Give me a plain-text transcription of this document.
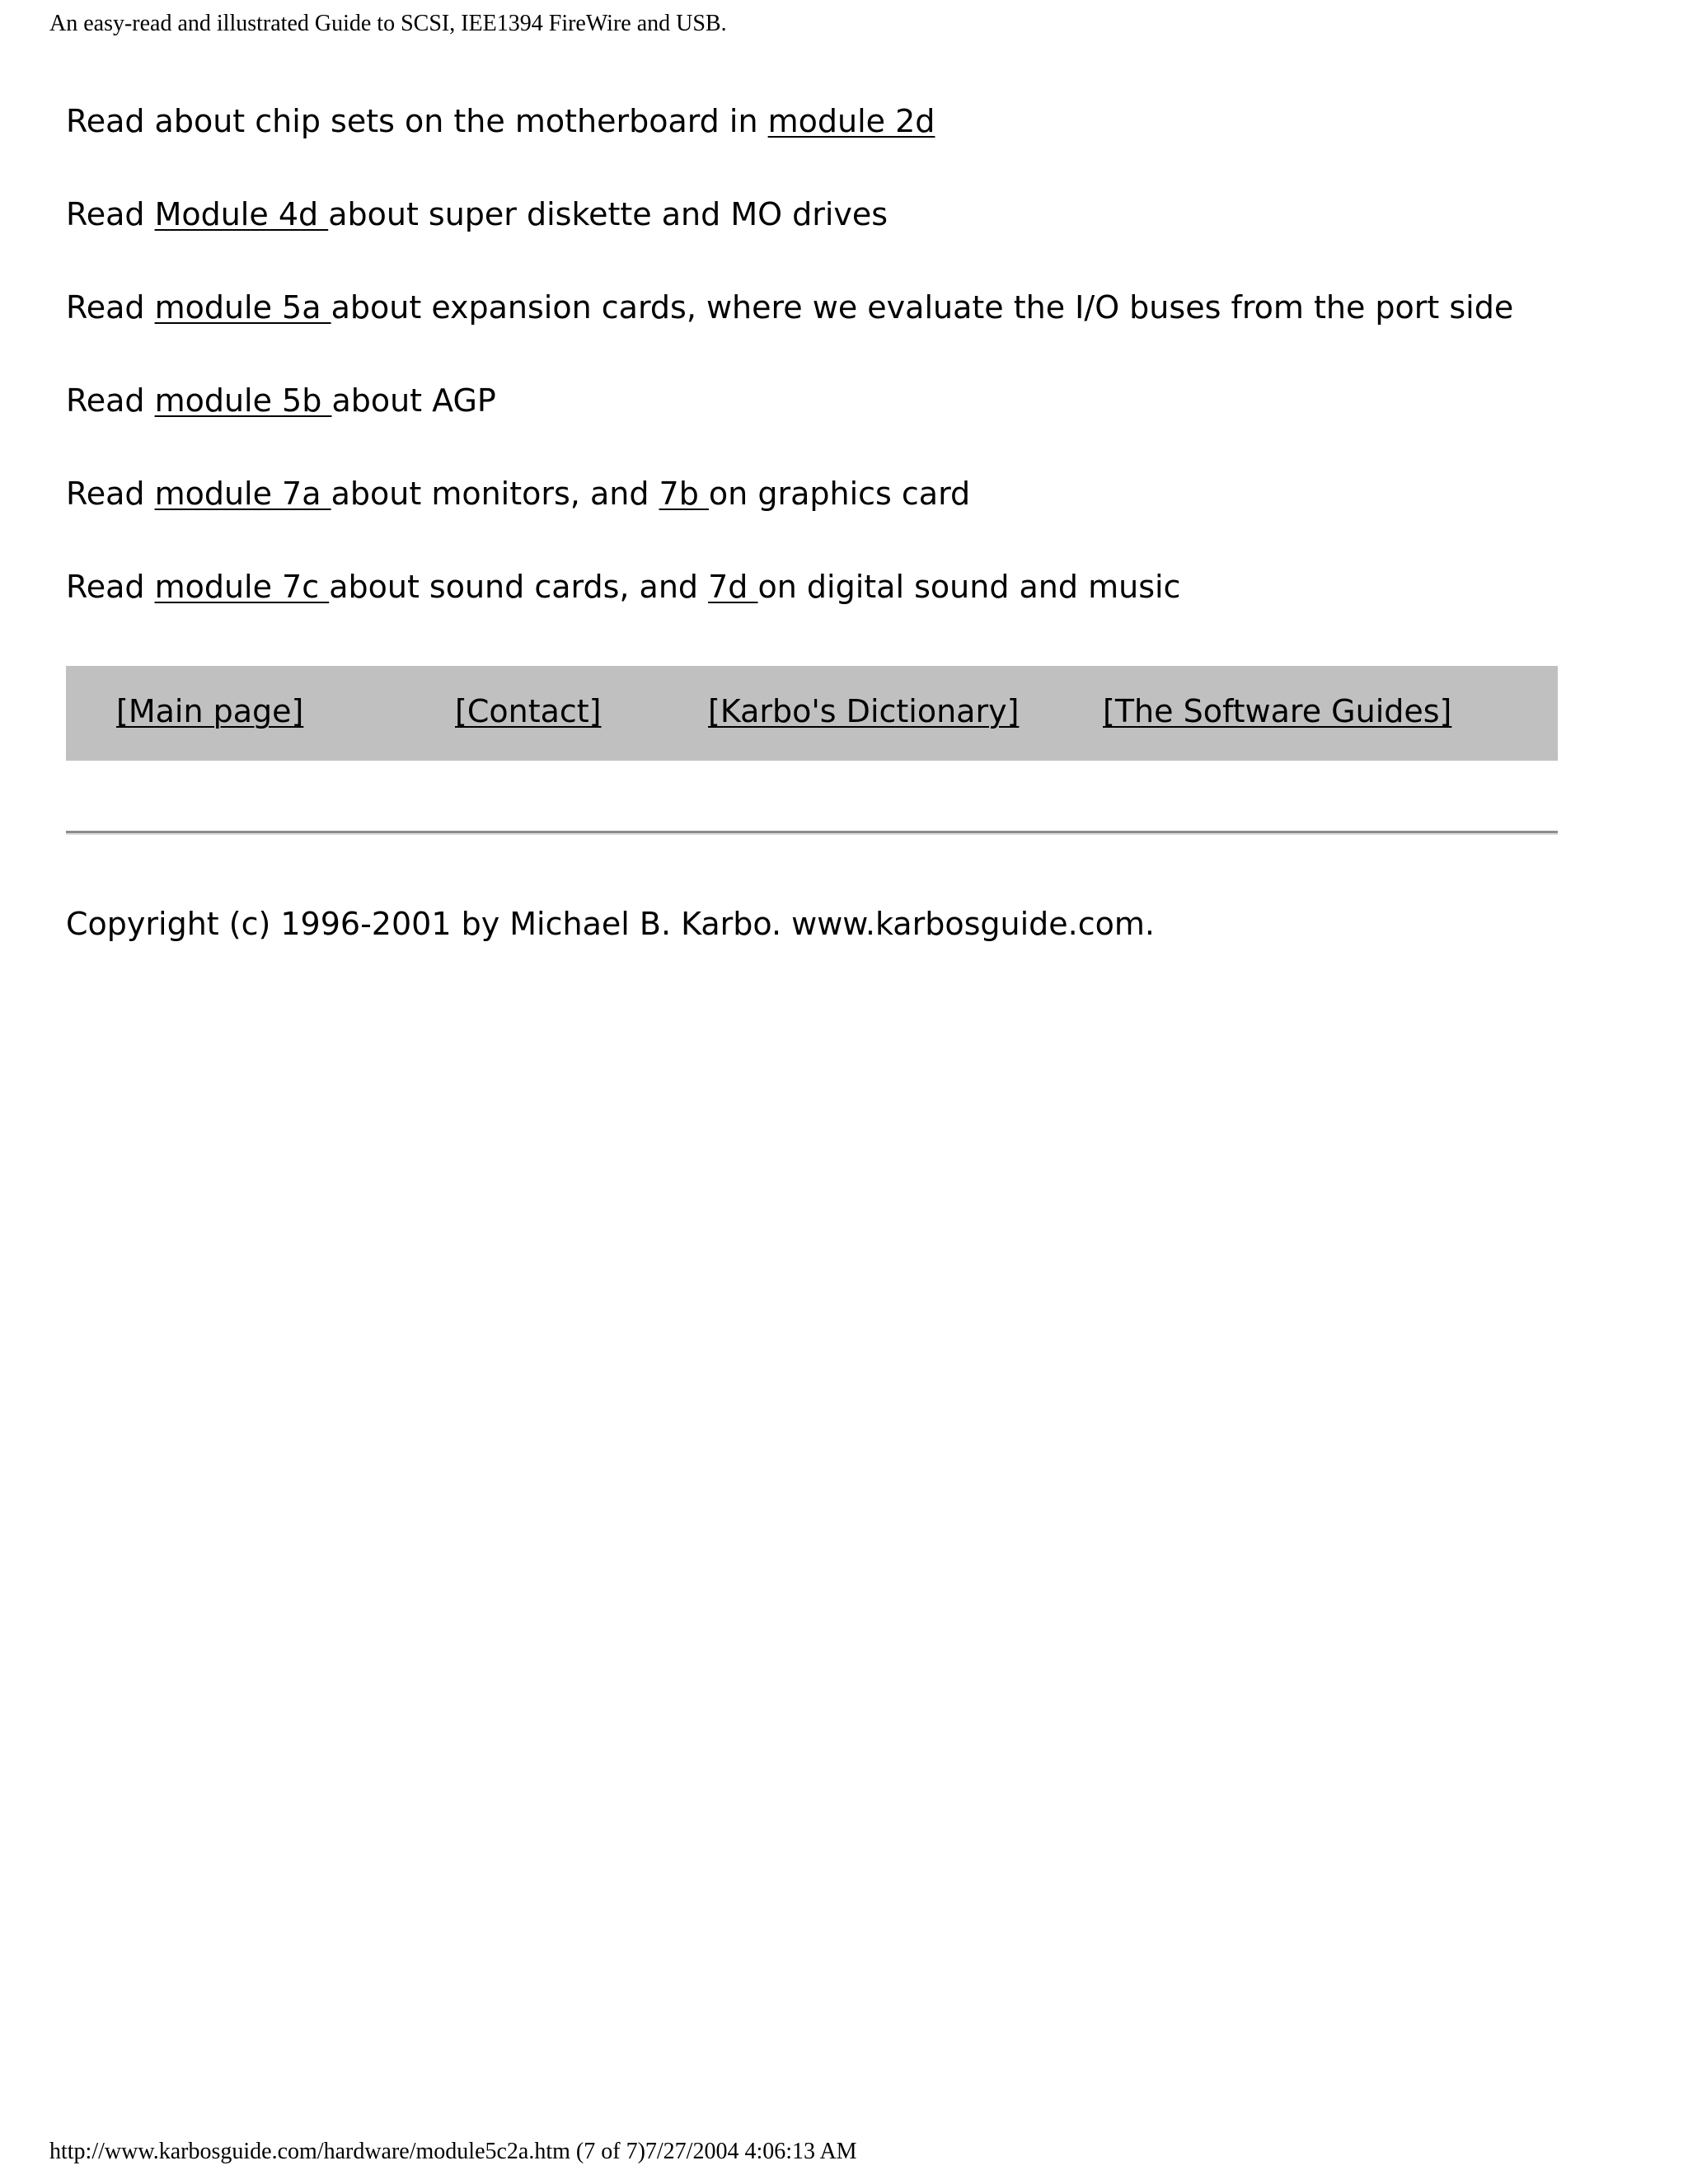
An easy-read and illustrated Guide to SCSI, IEE1394 FireWire and USB.

Read about chip sets on the motherboard in module 2d

Read Module 4d about super diskette and MO drives

Read module 5a about expansion cards, where we evaluate the I/O buses from the port side

Read module 5b about AGP

Read module 7a about monitors, and 7b on graphics card

Read module 7c about sound cards, and 7d on digital sound and music

[Main page]	[Contact]	[Karbo's Dictionary]	[The Software Guides]

Copyright (c) 1996-2001 by Michael B. Karbo. www.karbosguide.com.

http://www.karbosguide.com/hardware/module5c2a.htm (7 of 7)7/27/2004 4:06:13 AM
